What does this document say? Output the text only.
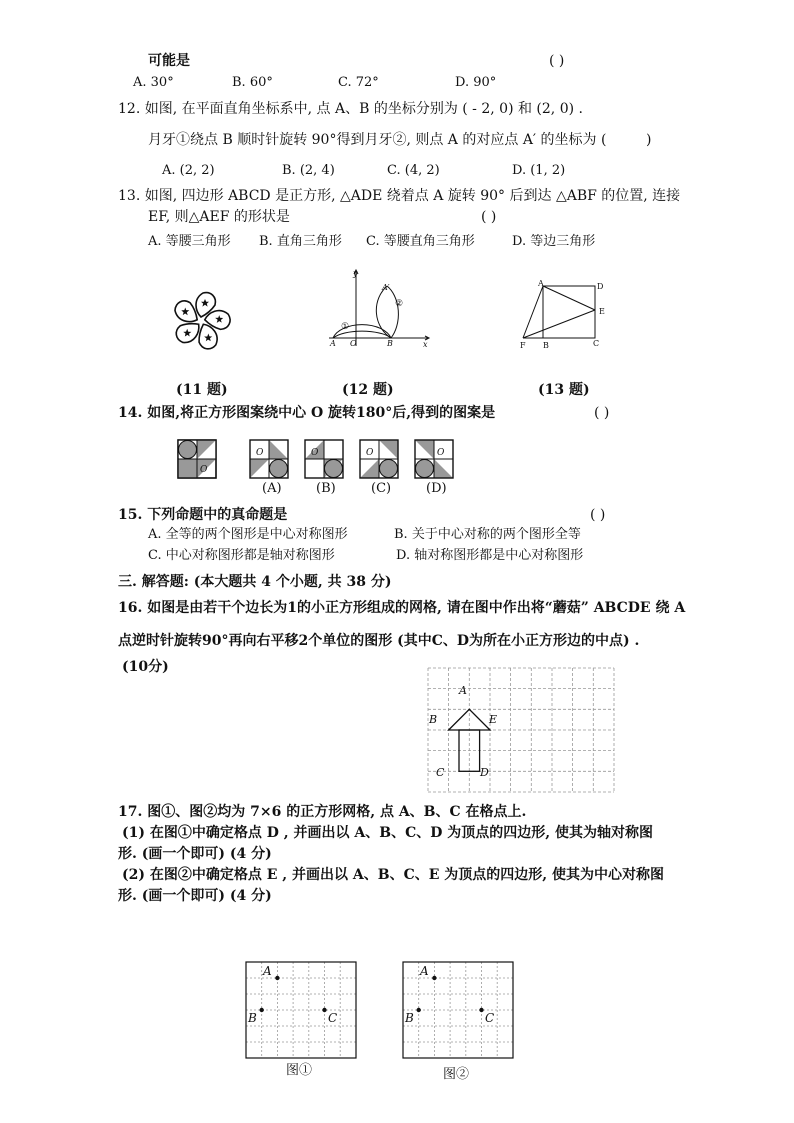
可能是	( )
A. 30°	B. 60°	C. 72°	D. 90°
12. 如图, 在平面直角坐标系中, 点 A、B 的坐标分别为 ( - 2, 0) 和 (2, 0) .
月牙①绕点 B 顺时针旋转 90°得到月牙②, 则点 A 的对应点 A′ 的坐标为 (	)
A. (2, 2)	B. (2, 4)	C. (4, 2)	D. (1, 2)
13. 如图, 四边形 ABCD 是正方形, △ADE 绕着点 A 旋转 90° 后到达 △ABF 的位置, 连接
EF, 则△AEF 的形状是	( )
A. 等腰三角形 B. 直角三角形 C. 等腰直角三角形	D. 等边三角形
y
x
A O	B
A′
①
②
A	D
E
F B	C
(11 题)	(12 题)	(13 题)
14. 如图,将正方形图案绕中心 O 旋转180°后,得到的图案是	( )
O
O	O	O	O
(A)	(B)	(C)	(D)
15. 下列命题中的真命题是	( )
A. 全等的两个图形是中心对称图形	B. 关于中心对称的两个图形全等
C. 中心对称图形都是轴对称图形	D. 轴对称图形都是中心对称图形
三. 解答题: (本大题共 4 个小题, 共 38 分)
16. 如图是由若干个边长为1的小正方形组成的网格, 请在图中作出将“蘑菇” ABCDE 绕 A
点逆时针旋转90°再向右平移2个单位的图形 (其中C、D为所在小正方形边的中点) .
(10分)
A
B	E
C	D
17. 图①、图②均为 7×6 的正方形网格, 点 A、B、C 在格点上.
(1) 在图①中确定格点 D , 并画出以 A、B、C、D 为顶点的四边形, 使其为轴对称图
形. (画一个即可) (4 分)
(2) 在图②中确定格点 E , 并画出以 A、B、C、E 为顶点的四边形, 使其为中心对称图
形. (画一个即可) (4 分)
A
B	C
A
B	C
图①	图②
